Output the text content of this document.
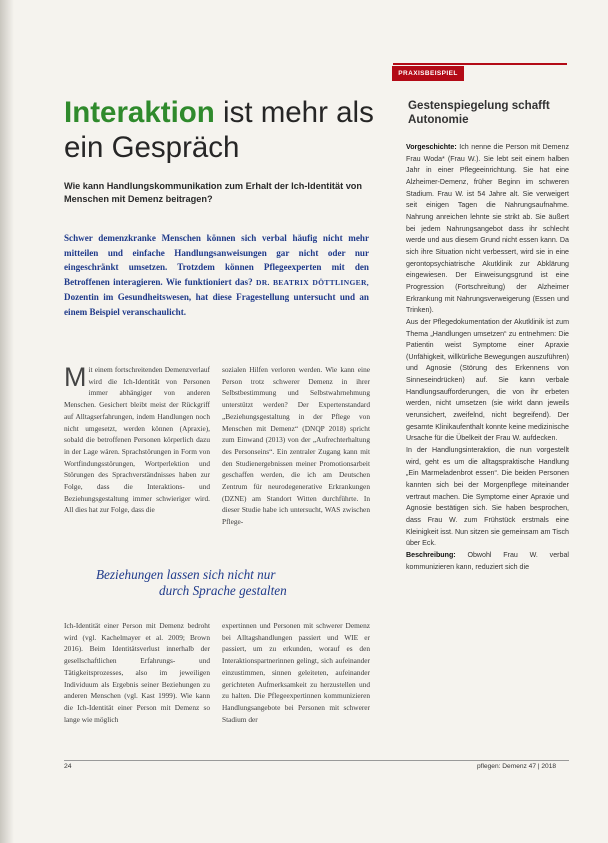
Interaktion ist mehr als ein Gespräch
Wie kann Handlungskommunikation zum Erhalt der Ich-Identität von Menschen mit Demenz beitragen?
Schwer demenzkranke Menschen können sich verbal häufig nicht mehr mitteilen und einfache Handlungsanweisungen gar nicht oder nur eingeschränkt umsetzen. Trotzdem können Pflegeexperten mit den Betroffenen interagieren. Wie funktioniert das? DR. BEATRIX DÖTTLINGER, Dozentin im Gesundheitswesen, hat diese Fragestellung untersucht und an einem Beispiel veranschaulicht.
Mit einem fortschreitenden Demenzverlauf wird die Ich-Identität von Personen immer abhängiger von anderen Menschen. Gesichert bleibt meist der Rückgriff auf Alltagserfahrungen, indem Handlungen noch nicht umgesetzt, werden können (Apraxie), sobald die betroffenen Personen körperlich dazu in der Lage wären. Sprachstörungen in Form von Wortfindungsstörungen, Wortperlektion und Störungen des Sprachverständnisses haben zur Folge, dass die Interaktions- und Beziehungsgestaltung immer schwieriger wird. All dies hat zur Folge, dass die
sozialen Hilfen verloren werden. Wie kann eine Person trotz schwerer Demenz in ihrer Selbstbestimmung und Selbstwahrnehmung unterstützt werden? Der Expertenstandard „Beziehungsgestaltung in der Pflege von Menschen mit Demenz“ (DNQP 2018) spricht zum Einwand (2013) von der „Aufrechterhaltung des Personseins“. Ein zentraler Zugang kann mit den Studienergebnissen meiner Promotionsarbeit geschaffen werden, die ich am Deutschen Zentrum für neurodegenerative Erkrankungen (DZNE) am Standort Witten durchführte. In dieser Studie habe ich untersucht, WAS zwischen Pflege-
Beziehungen lassen sich nicht nur
durch Sprache gestalten
Ich-Identität einer Person mit Demenz bedroht wird (vgl. Kachelmayer et al. 2009; Brown 2016). Beim Identitätsverlust innerhalb der gesellschaftlichen Erfahrungs- und Tätigkeitsprozesses, also im jeweiligen Individuum als Ergebnis seiner Beziehungen zu anderen Menschen (vgl. Kast 1999). Wie kann die Ich-Identität einer Person mit Demenz so lange wie möglich
expertinnen und Personen mit schwerer Demenz bei Alltagshandlungen passiert und WIE er passiert, um zu erkunden, worauf es den Interaktionspartnerinnen gelingt, sich aufeinander einzustimmen, sinnen geleiteten, aufeinander gerichteten Aufmerksamkeit zu herzustellen und zu halten. Die Pflegeexpertinnen kommunizieren Handlungsangebote bei Personen mit schwerer Stadium der
PRAXISBEISPIEL
Gestenspiegelung schafft Autonomie

Vorgeschichte: Ich nenne die Person mit Demenz Frau Woda* (Frau W.). Sie lebt seit einem halben Jahr in einer Pflegeeinrichtung. Sie hat eine Alzheimer-Demenz, früher Beginn im schweren Stadium. Frau W. ist 54 Jahre alt. Sie verweigert seit einigen Tagen die Nahrungsaufnahme. Nahrung anreichen lehnte sie strikt ab. Sie äußert bei jedem Nahrungsangebot dass ihr schlecht werde und aus diesem Grund nicht essen kann. Da sich ihre Situation nicht verbessert, wird sie in eine gerontopsychiatrische Akutklinik zur Abklärung eingewiesen. Der Einweisungsgrund ist eine Progression (Fortschreitung) der Alzheimer Erkrankung mit Nahrungsverweigerung (Essen und Trinken).

Aus der Pflegedokumentation der Akutklinik ist zum Thema „Handlungen umsetzen“ zu entnehmen: Die Patientin weist Symptome einer Apraxie (Unfähigkeit, willkürliche Bewegungen auszuführen) und Agnosie (Störung des Erkennens von Sinneseindrücken) auf. Sie kann verbale Handlungsaufforderungen, die von ihr erbeten werden, nicht umsetzen (sie wirkt dann jeweils verunsichert, zweifelnd, nicht begreifend). Der gesamte Klinikaufenthalt konnte keine medizinische Ursache für die Übelkeit der Frau W. aufdecken.

In der Handlungsinteraktion, die nun vorgestellt wird, geht es um die alltagspraktische Handlung „Ein Marmeladenbrot essen“. Die beiden Personen kannten sich bei der Morgenpflege miteinander vertraut machen. Die Symptome einer Apraxie und Agnosie bestätigen sich. Sie haben besprochen, dass Frau W. zum Frühstück erstmals eine Kleinigkeit isst. Nun sitzen sie gemeinsam am Tisch über Eck.

Beschreibung: Obwohl Frau W. verbal kommunizieren kann, reduziert sich die

24	pflegen: Demenz 47 | 2018
